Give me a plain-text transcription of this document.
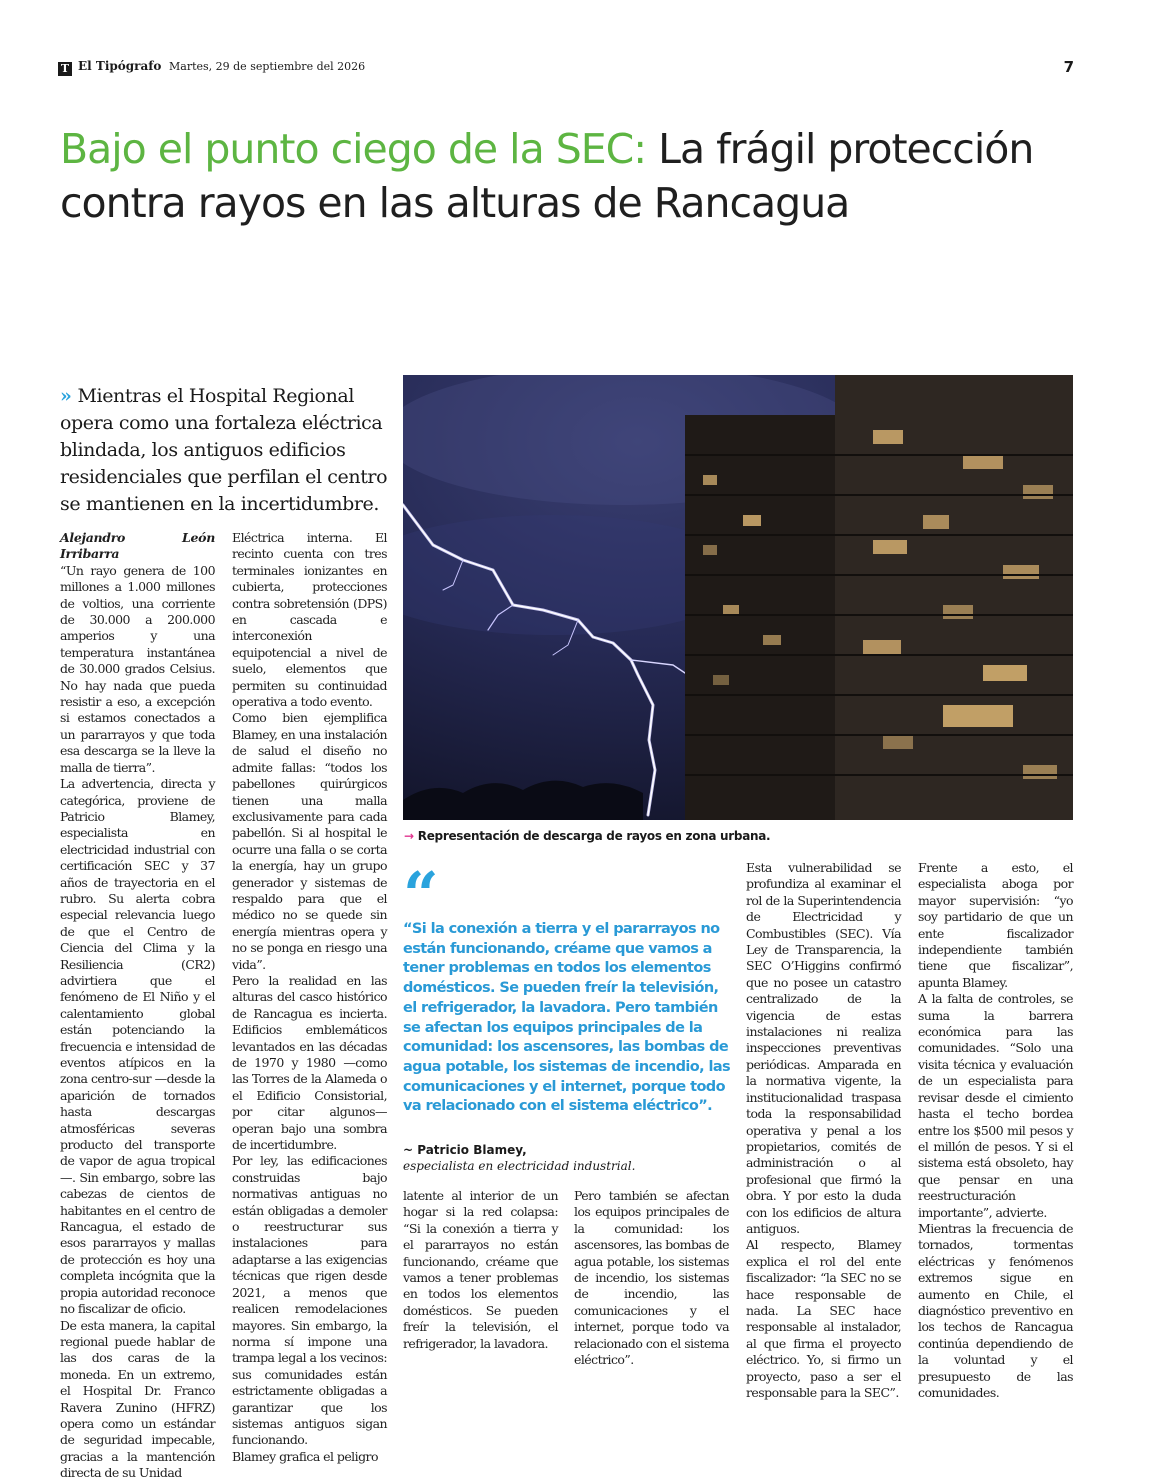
T El Tipógrafo Martes, 29 de septiembre del 2026	7
Bajo el punto ciego de la SEC: La frágil protección contra rayos en las alturas de Rancagua
» Mientras el Hospital Regional opera como una fortaleza eléctrica blindada, los antiguos edificios residenciales que perfilan el centro se mantienen en la incertidumbre.
→ Representación de descarga de rayos en zona urbana.

Alejandro León Irribarra

“Un rayo genera de 100 millones a 1.000 millones de voltios, una corriente de 30.000 a 200.000 amperios y una temperatura instantánea de 30.000 grados Celsius. No hay nada que pueda resistir a eso, a excepción si estamos conectados a un pararrayos y que toda esa descarga se la lleve la malla de tierra”.

La advertencia, directa y categórica, proviene de Patricio Blamey, especialista en electricidad industrial con certificación SEC y 37 años de trayectoria en el rubro. Su alerta cobra especial relevancia luego de que el Centro de Ciencia del Clima y la Resiliencia (CR2) advirtiera que el fenómeno de El Niño y el calentamiento global están potenciando la frecuencia e intensidad de eventos atípicos en la zona centro-sur —desde la aparición de tornados hasta descargas atmosféricas severas producto del transporte de vapor de agua tropical—. Sin embargo, sobre las cabezas de cientos de habitantes en el centro de Rancagua, el estado de esos pararrayos y mallas de protección es hoy una completa incógnita que la propia autoridad reconoce no fiscalizar de oficio.

De esta manera, la capital regional puede hablar de las dos caras de la moneda. En un extremo, el Hospital Dr. Franco Ravera Zunino (HFRZ) opera como un estándar de seguridad impecable, gracias a la mantención directa de su Unidad

Eléctrica interna. El recinto cuenta con tres terminales ionizantes en cubierta, protecciones contra sobretensión (DPS) en cascada e interconexión equipotencial a nivel de suelo, elementos que permiten su continuidad operativa a todo evento.

Como bien ejemplifica Blamey, en una instalación de salud el diseño no admite fallas: “todos los pabellones quirúrgicos tienen una malla exclusivamente para cada pabellón. Si al hospital le ocurre una falla o se corta la energía, hay un grupo generador y sistemas de respaldo para que el médico no se quede sin energía mientras opera y no se ponga en riesgo una vida”.

Pero la realidad en las alturas del casco histórico de Rancagua es incierta. Edificios emblemáticos levantados en las décadas de 1970 y 1980 —como las Torres de la Alameda o el Edificio Consistorial, por citar algunos— operan bajo una sombra de incertidumbre.

Por ley, las edificaciones construidas bajo normativas antiguas no están obligadas a demoler o reestructurar sus instalaciones para adaptarse a las exigencias técnicas que rigen desde 2021, a menos que realicen remodelaciones mayores. Sin embargo, la norma sí impone una trampa legal a los vecinos: sus comunidades están estrictamente obligadas a garantizar que los sistemas antiguos sigan funcionando.

Blamey grafica el peligro

“
“Si la conexión a tierra y el pararrayos no están funcionando, créame que vamos a tener problemas en todos los elementos domésticos. Se pueden freír la televisión, el refrigerador, la lavadora. Pero también se afectan los equipos principales de la comunidad: los ascensores, las bombas de agua potable, los sistemas de incendio, las comunicaciones y el internet, porque todo va relacionado con el sistema eléctrico”.
~ Patricio Blamey,
especialista en electricidad industrial.

latente al interior de un hogar si la red colapsa: “Si la conexión a tierra y el pararrayos no están funcionando, créame que vamos a tener problemas en todos los elementos domésticos. Se pueden freír la televisión, el refrigerador, la lavadora.

Pero también se afectan los equipos principales de la comunidad: los ascensores, las bombas de agua potable, los sistemas de incendio, los sistemas de incendio, las comunicaciones y el internet, porque todo va relacionado con el sistema eléctrico”.

Esta vulnerabilidad se profundiza al examinar el rol de la Superintendencia de Electricidad y Combustibles (SEC). Vía Ley de Transparencia, la SEC O’Higgins confirmó que no posee un catastro centralizado de la vigencia de estas instalaciones ni realiza inspecciones preventivas periódicas. Amparada en la normativa vigente, la institucionalidad traspasa toda la responsabilidad operativa y penal a los propietarios, comités de administración o al profesional que firmó la obra. Y por esto la duda con los edificios de altura antiguos.

Al respecto, Blamey explica el rol del ente fiscalizador: “la SEC no se hace responsable de nada. La SEC hace responsable al instalador, al que firma el proyecto eléctrico. Yo, si firmo un proyecto, paso a ser el responsable para la SEC”.

Frente a esto, el especialista aboga por mayor supervisión: “yo soy partidario de que un ente fiscalizador independiente también tiene que fiscalizar”, apunta Blamey.

A la falta de controles, se suma la barrera económica para las comunidades. “Solo una visita técnica y evaluación de un especialista para revisar desde el cimiento hasta el techo bordea entre los $500 mil pesos y el millón de pesos. Y si el sistema está obsoleto, hay que pensar en una reestructuración importante”, advierte.

Mientras la frecuencia de tornados, tormentas eléctricas y fenómenos extremos sigue en aumento en Chile, el diagnóstico preventivo en los techos de Rancagua continúa dependiendo de la voluntad y el presupuesto de las comunidades.
